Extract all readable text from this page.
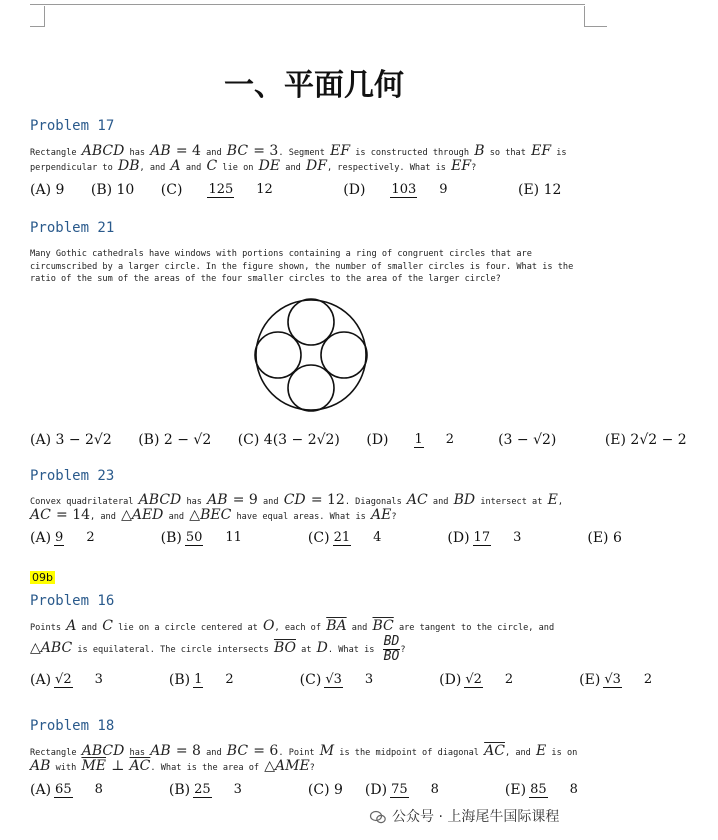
一、平面几何
Problem 17
Rectangle ABCD has AB = 4 and BC = 3. Segment EF is constructed through B so that EF is perpendicular to DB, and A and C lie on DE and DF, respectively. What is EF?
(A) 9 (B) 10 (C) 125 12	(D) 103 9	(E) 12
Problem 21
Many Gothic cathedrals have windows with portions containing a ring of congruent circles that are circumscribed by a larger circle. In the figure shown, the number of smaller circles is four. What is the ratio of the sum of the areas of the four smaller circles to the area of the larger circle?
(A) 3 − 2√2 (B) 2 − √2 (C) 4(3 − 2√2) (D) 1 2	(3 − √2)	(E) 2√2 − 2
Problem 23
Convex quadrilateral ABCD has AB = 9 and CD = 12. Diagonals AC and BD intersect at E, AC = 14, and △AED and △BEC have equal areas. What is AE?
(A) 9 2	(B) 50 11	(C) 21 4	(D) 17 3	(E) 6
09b
Problem 16
Points A and C lie on a circle centered at O, each of $\overline{BA}$ and $\overline{BC}$ are tangent to the circle, and △ABC is equilateral. The circle intersects $\overline{BO}$ at D. What is $\frac{BD}{BO}$ ?
(A) √2 3	(B) 1 2	(C) √3 3	(D) √2 2	(E) √3 2
Problem 18
Rectangle ABCD has AB = 8 and BC = 6. Point M is the midpoint of diagonal $\overline{AC}$, and E is on AB with $\overline{ME}$ ⊥ $\overline{AC}$. What is the area of △AME?
(A) 65 8	(B) 25 3	(C) 9 (D) 75 8	(E) 85 8
公众号 · 上海尾牛国际课程
